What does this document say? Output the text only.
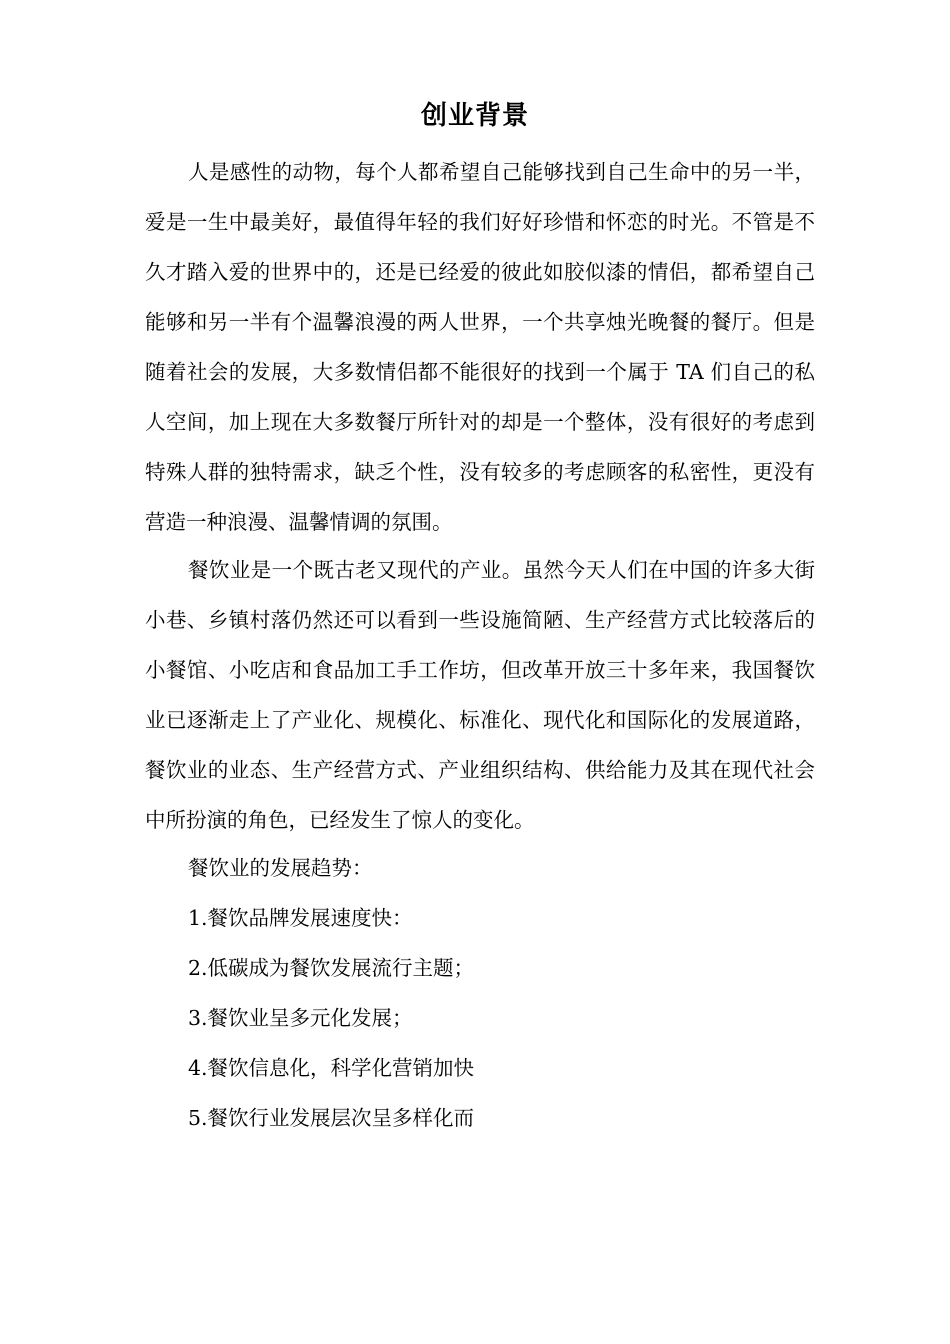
创业背景

人是感性的动物，每个人都希望自己能够找到自己生命中的另一半，爱是一生中最美好，最值得年轻的我们好好珍惜和怀恋的时光。不管是不久才踏入爱的世界中的，还是已经爱的彼此如胶似漆的情侣，都希望自己能够和另一半有个温馨浪漫的两人世界，一个共享烛光晚餐的餐厅。但是随着社会的发展，大多数情侣都不能很好的找到一个属于 TA 们自己的私人空间，加上现在大多数餐厅所针对的却是一个整体，没有很好的考虑到特殊人群的独特需求，缺乏个性，没有较多的考虑顾客的私密性，更没有营造一种浪漫、温馨情调的氛围。

餐饮业是一个既古老又现代的产业。虽然今天人们在中国的许多大街小巷、乡镇村落仍然还可以看到一些设施简陋、生产经营方式比较落后的小餐馆、小吃店和食品加工手工作坊，但改革开放三十多年来，我国餐饮业已逐渐走上了产业化、规模化、标准化、现代化和国际化的发展道路，餐饮业的业态、生产经营方式、产业组织结构、供给能力及其在现代社会中所扮演的角色，已经发生了惊人的变化。

餐饮业的发展趋势：

1.餐饮品牌发展速度快：

2.低碳成为餐饮发展流行主题；

3.餐饮业呈多元化发展；

4.餐饮信息化，科学化营销加快

5.餐饮行业发展层次呈多样化而
